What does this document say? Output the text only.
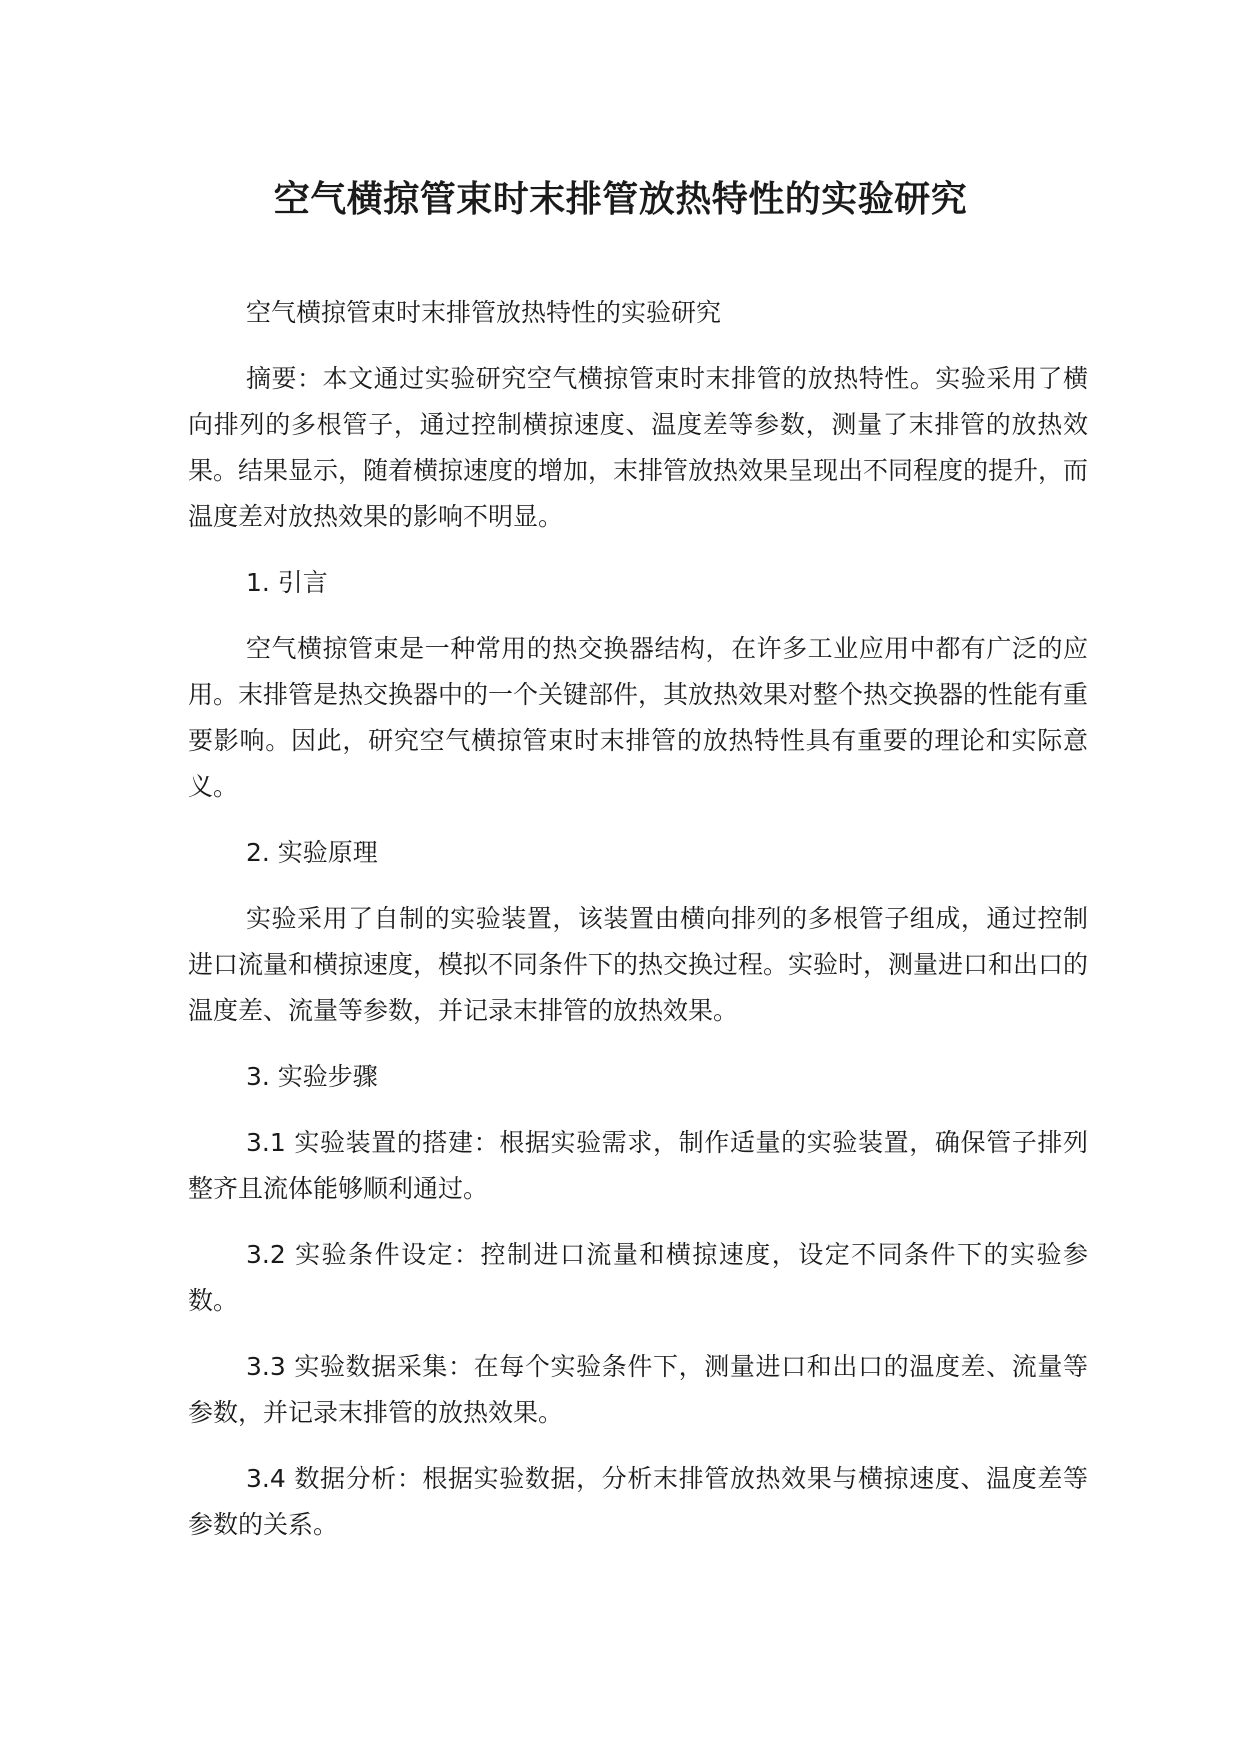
空气横掠管束时末排管放热特性的实验研究

空气横掠管束时末排管放热特性的实验研究

摘要：本文通过实验研究空气横掠管束时末排管的放热特性。实验采用了横向排列的多根管子，通过控制横掠速度、温度差等参数，测量了末排管的放热效果。结果显示，随着横掠速度的增加，末排管放热效果呈现出不同程度的提升，而温度差对放热效果的影响不明显。

1. 引言

空气横掠管束是一种常用的热交换器结构，在许多工业应用中都有广泛的应用。末排管是热交换器中的一个关键部件，其放热效果对整个热交换器的性能有重要影响。因此，研究空气横掠管束时末排管的放热特性具有重要的理论和实际意义。

2. 实验原理

实验采用了自制的实验装置，该装置由横向排列的多根管子组成，通过控制进口流量和横掠速度，模拟不同条件下的热交换过程。实验时，测量进口和出口的温度差、流量等参数，并记录末排管的放热效果。

3. 实验步骤

3.1 实验装置的搭建：根据实验需求，制作适量的实验装置，确保管子排列整齐且流体能够顺利通过。

3.2 实验条件设定：控制进口流量和横掠速度，设定不同条件下的实验参数。

3.3 实验数据采集：在每个实验条件下，测量进口和出口的温度差、流量等参数，并记录末排管的放热效果。

3.4 数据分析：根据实验数据，分析末排管放热效果与横掠速度、温度差等参数的关系。
